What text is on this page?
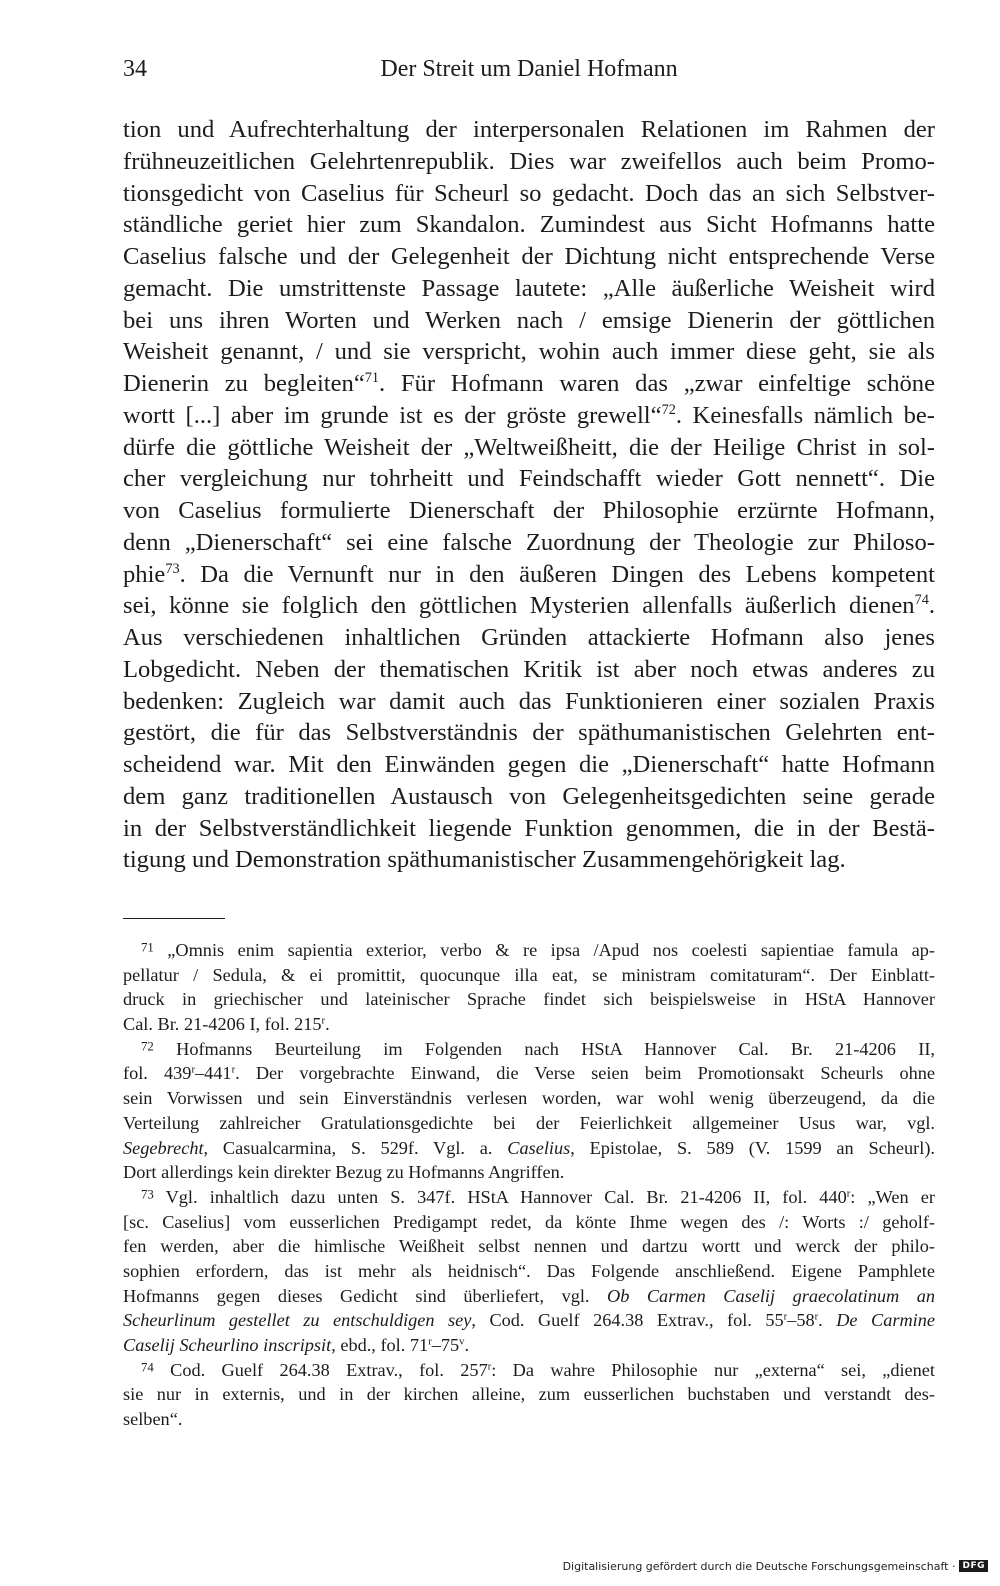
34	Der Streit um Daniel Hofmann
tion und Aufrechterhaltung der interpersonalen Relationen im Rahmen der
frühneuzeitlichen Gelehrtenrepublik. Dies war zweifellos auch beim Promo-
tionsgedicht von Caselius für Scheurl so gedacht. Doch das an sich Selbstver-
ständliche geriet hier zum Skandalon. Zumindest aus Sicht Hofmanns hatte
Caselius falsche und der Gelegenheit der Dichtung nicht entsprechende Verse
gemacht. Die umstrittenste Passage lautete: „Alle äußerliche Weisheit wird
bei uns ihren Worten und Werken nach / emsige Dienerin der göttlichen
Weisheit genannt, / und sie verspricht, wohin auch immer diese geht, sie als
Dienerin zu begleiten“$^{71}$. Für Hofmann waren das „zwar einfeltige schöne
wortt [...] aber im grunde ist es der gröste grewell“$^{72}$. Keinesfalls nämlich be-
dürfe die göttliche Weisheit der „Weltweißheitt, die der Heilige Christ in sol-
cher vergleichung nur tohrheitt und Feindschafft wieder Gott nennett“. Die
von Caselius formulierte Dienerschaft der Philosophie erzürnte Hofmann,
denn „Dienerschaft“ sei eine falsche Zuordnung der Theologie zur Philoso-
phie$^{73}$. Da die Vernunft nur in den äußeren Dingen des Lebens kompetent
sei, könne sie folglich den göttlichen Mysterien allenfalls äußerlich dienen$^{74}$.
Aus verschiedenen inhaltlichen Gründen attackierte Hofmann also jenes
Lobgedicht. Neben der thematischen Kritik ist aber noch etwas anderes zu
bedenken: Zugleich war damit auch das Funktionieren einer sozialen Praxis
gestört, die für das Selbstverständnis der späthumanistischen Gelehrten ent-
scheidend war. Mit den Einwänden gegen die „Dienerschaft“ hatte Hofmann
dem ganz traditionellen Austausch von Gelegenheitsgedichten seine gerade
in der Selbstverständlichkeit liegende Funktion genommen, die in der Bestä-
tigung und Demonstration späthumanistischer Zusammengehörigkeit lag.
$^{71}$ „Omnis enim sapientia exterior, verbo & re ipsa /Apud nos coelesti sapientiae famula ap-
pellatur / Sedula, & ei promittit, quocunque illa eat, se ministram comitaturam“. Der Einblatt-
druck in griechischer und lateinischer Sprache findet sich beispielsweise in HStA Hannover
Cal. Br. 21-4206 I, fol. 215$^r$.
$^{72}$ Hofmanns Beurteilung im Folgenden nach HStA Hannover Cal. Br. 21-4206 II,
fol. 439$^r$–441$^r$. Der vorgebrachte Einwand, die Verse seien beim Promotionsakt Scheurls ohne
sein Vorwissen und sein Einverständnis verlesen worden, war wohl wenig überzeugend, da die
Verteilung zahlreicher Gratulationsgedichte bei der Feierlichkeit allgemeiner Usus war, vgl.
Segebrecht, Casualcarmina, S. 529f. Vgl. a. Caselius, Epistolae, S. 589 (V. 1599 an Scheurl).
Dort allerdings kein direkter Bezug zu Hofmanns Angriffen.
$^{73}$ Vgl. inhaltlich dazu unten S. 347f. HStA Hannover Cal. Br. 21-4206 II, fol. 440$^r$: „Wen er
[sc. Caselius] vom eusserlichen Predigampt redet, da könte Ihme wegen des /: Worts :/ geholf-
fen werden, aber die himlische Weißheit selbst nennen und dartzu wortt und werck der philo-
sophien erfordern, das ist mehr als heidnisch“. Das Folgende anschließend. Eigene Pamphlete
Hofmanns gegen dieses Gedicht sind überliefert, vgl. Ob Carmen Caselij graecolatinum an
Scheurlinum gestellet zu entschuldigen sey, Cod. Guelf 264.38 Extrav., fol. 55$^r$–58$^r$. De Carmine
Caselij Scheurlino inscripsit, ebd., fol. 71$^r$–75$^v$.
$^{74}$ Cod. Guelf 264.38 Extrav., fol. 257$^r$: Da wahre Philosophie nur „externa“ sei, „dienet
sie nur in externis, und in der kirchen alleine, zum eusserlichen buchstaben und verstandt des-
selben“.
Digitalisierung gefördert durch die Deutsche Forschungsgemeinschaft · DFG
